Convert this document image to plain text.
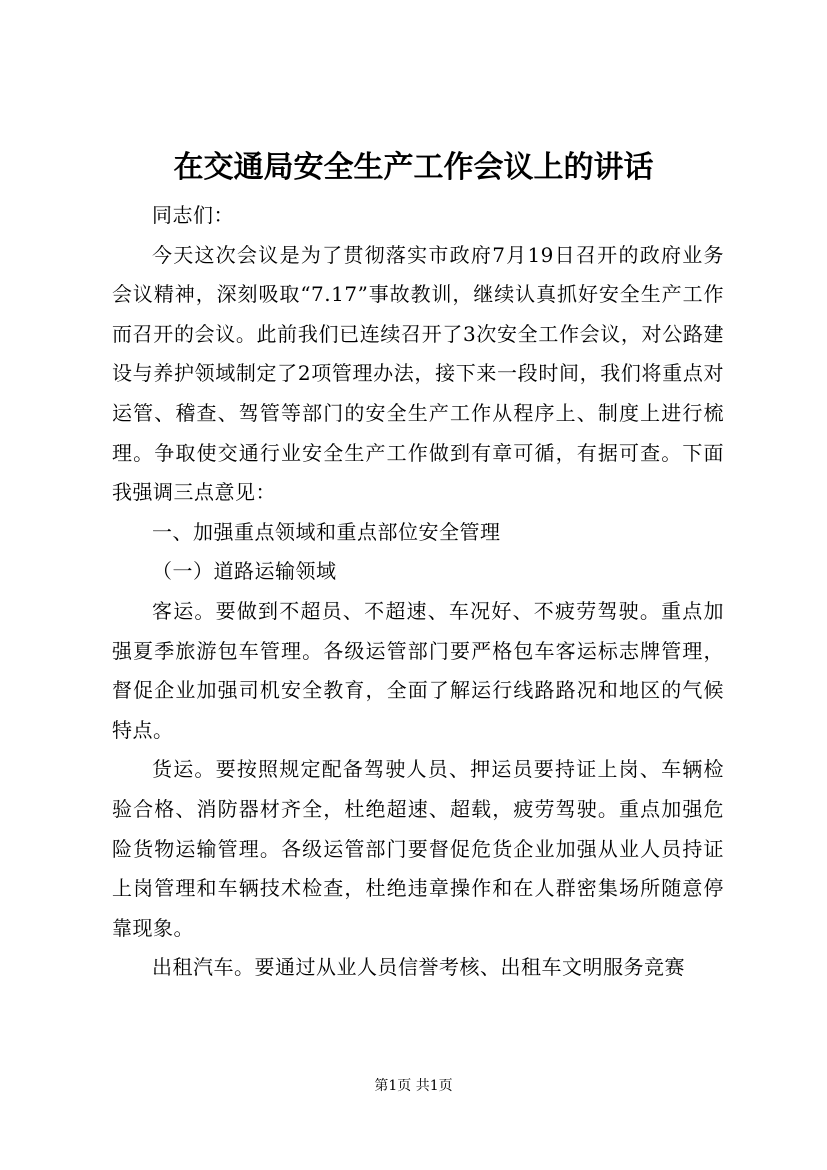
在交通局安全生产工作会议上的讲话

同志们：

今天这次会议是为了贯彻落实市政府7月19日召开的政府业务会议精神，深刻吸取“7.17”事故教训，继续认真抓好安全生产工作而召开的会议。此前我们已连续召开了3次安全工作会议，对公路建设与养护领域制定了2项管理办法，接下来一段时间，我们将重点对运管、稽查、驾管等部门的安全生产工作从程序上、制度上进行梳理。争取使交通行业安全生产工作做到有章可循，有据可查。下面我强调三点意见：

一、加强重点领域和重点部位安全管理

（一）道路运输领域

客运。要做到不超员、不超速、车况好、不疲劳驾驶。重点加强夏季旅游包车管理。各级运管部门要严格包车客运标志牌管理，督促企业加强司机安全教育，全面了解运行线路路况和地区的气候特点。

货运。要按照规定配备驾驶人员、押运员要持证上岗、车辆检验合格、消防器材齐全，杜绝超速、超载，疲劳驾驶。重点加强危险货物运输管理。各级运管部门要督促危货企业加强从业人员持证上岗管理和车辆技术检查，杜绝违章操作和在人群密集场所随意停靠现象。

出租汽车。要通过从业人员信誉考核、出租车文明服务竞赛

第1页 共1页
